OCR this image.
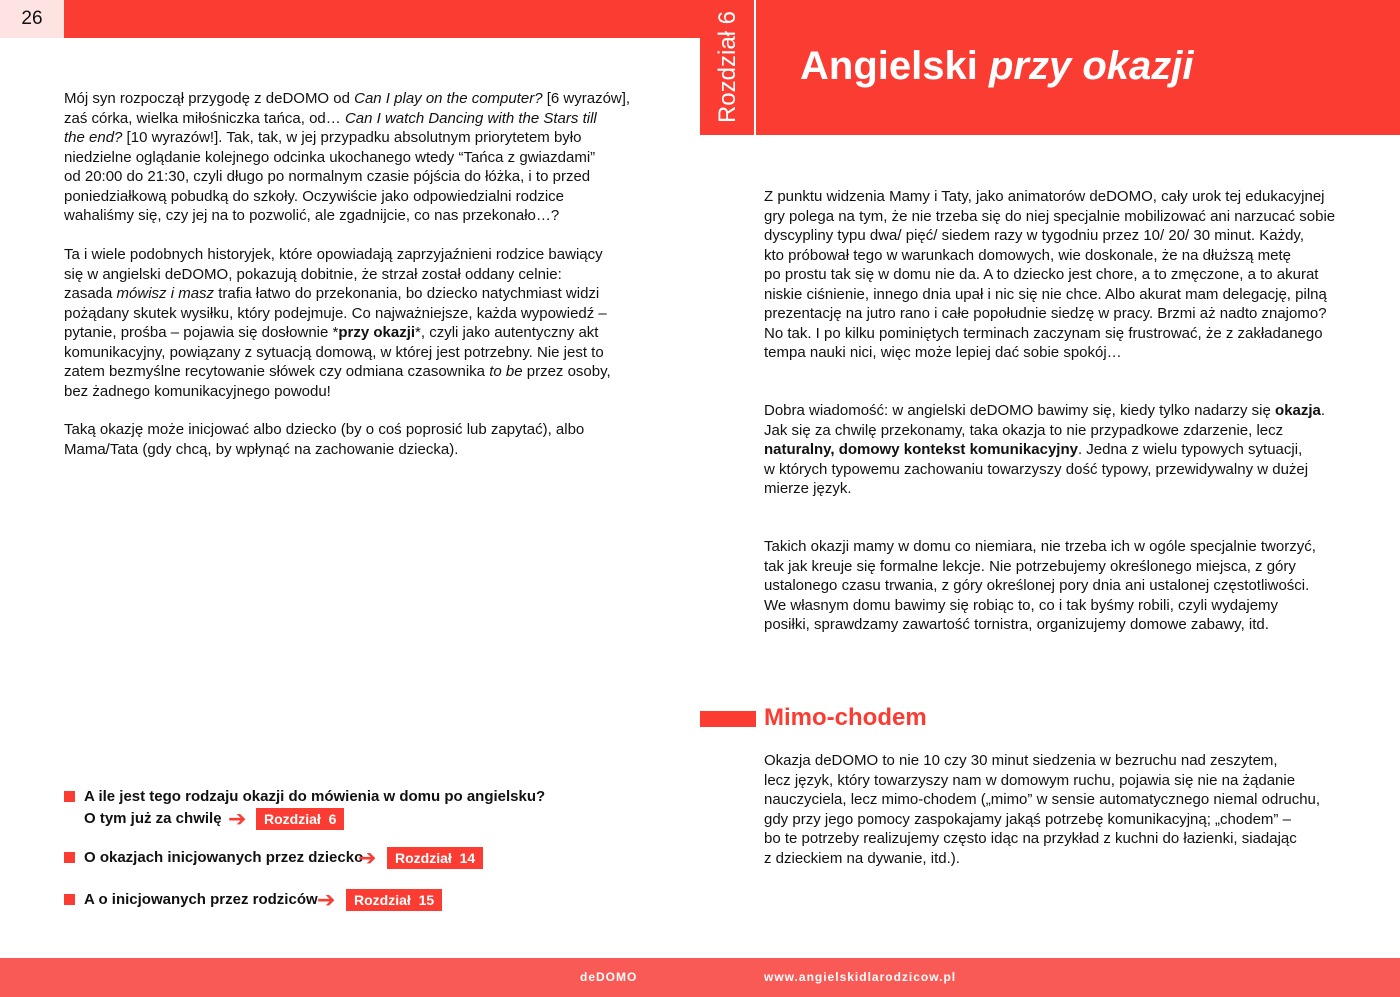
26	Rozdział 6 Angielski przy okazji
Mój syn rozpoczął przygodę z deDOMO od Can I play on the computer? [6 wyrazów],
zaś córka, wielka miłośniczka tańca, od… Can I watch Dancing with the Stars till
the end? [10 wyrazów!]. Tak, tak, w jej przypadku absolutnym priorytetem było
niedzielne oglądanie kolejnego odcinka ukochanego wtedy “Tańca z gwiazdami”
od 20:00 do 21:30, czyli długo po normalnym czasie pójścia do łóżka, i to przed
poniedziałkową pobudką do szkoły. Oczywiście jako odpowiedzialni rodzice
wahaliśmy się, czy jej na to pozwolić, ale zgadnijcie, co nas przekonało…?
Ta i wiele podobnych historyjek, które opowiadają zaprzyjaźnieni rodzice bawiący
się w angielski deDOMO, pokazują dobitnie, że strzał został oddany celnie:
zasada mówisz i masz trafia łatwo do przekonania, bo dziecko natychmiast widzi
pożądany skutek wysiłku, który podejmuje. Co najważniejsze, każda wypowiedź –
pytanie, prośba – pojawia się dosłownie *przy okazji*, czyli jako autentyczny akt
komunikacyjny, powiązany z sytuacją domową, w której jest potrzebny. Nie jest to
zatem bezmyślne recytowanie słówek czy odmiana czasownika to be przez osoby,
bez żadnego komunikacyjnego powodu!
Taką okazję może inicjować albo dziecko (by o coś poprosić lub zapytać), albo
Mama/Tata (gdy chcą, by wpłynąć na zachowanie dziecka).
A ile jest tego rodzaju okazji do mówienia w domu po angielsku?
O tym już za chwilę ➔	Rozdział 6
O okazjach inicjowanych przez dziecko
➔	Rozdział 14
A o inicjowanych przez rodziców ➔	Rozdział 15
Z punktu widzenia Mamy i Taty, jako animatorów deDOMO, cały urok tej edukacyjnej
gry polega na tym, że nie trzeba się do niej specjalnie mobilizować ani narzucać sobie
dyscypliny typu dwa/ pięć/ siedem razy w tygodniu przez 10/ 20/ 30 minut. Każdy,
kto próbował tego w warunkach domowych, wie doskonale, że na dłuższą metę
po prostu tak się w domu nie da. A to dziecko jest chore, a to zmęczone, a to akurat
niskie ciśnienie, innego dnia upał i nic się nie chce. Albo akurat mam delegację, pilną
prezentację na jutro rano i całe popołudnie siedzę w pracy. Brzmi aż nadto znajomo?
No tak. I po kilku pominiętych terminach zaczynam się frustrować, że z zakładanego
tempa nauki nici, więc może lepiej dać sobie spokój…
Dobra wiadomość: w angielski deDOMO bawimy się, kiedy tylko nadarzy się okazja.
Jak się za chwilę przekonamy, taka okazja to nie przypadkowe zdarzenie, lecz
naturalny, domowy kontekst komunikacyjny. Jedna z wielu typowych sytuacji,
w których typowemu zachowaniu towarzyszy dość typowy, przewidywalny w dużej
mierze język.
Takich okazji mamy w domu co niemiara, nie trzeba ich w ogóle specjalnie tworzyć,
tak jak kreuje się formalne lekcje. Nie potrzebujemy określonego miejsca, z góry
ustalonego czasu trwania, z góry określonej pory dnia ani ustalonej częstotliwości.
We własnym domu bawimy się robiąc to, co i tak byśmy robili, czyli wydajemy
posiłki, sprawdzamy zawartość tornistra, organizujemy domowe zabawy, itd.
Mimo-chodem
Okazja deDOMO to nie 10 czy 30 minut siedzenia w bezruchu nad zeszytem,
lecz język, który towarzyszy nam w domowym ruchu, pojawia się nie na żądanie
nauczyciela, lecz mimo-chodem („mimo” w sensie automatycznego niemal odruchu,
gdy przy jego pomocy zaspokajamy jakąś potrzebę komunikacyjną; „chodem” –
bo te potrzeby realizujemy często idąc na przykład z kuchni do łazienki, siadając
z dzieckiem na dywanie, itd.).
deDOMO	www.angielskidlarodzicow.pl
